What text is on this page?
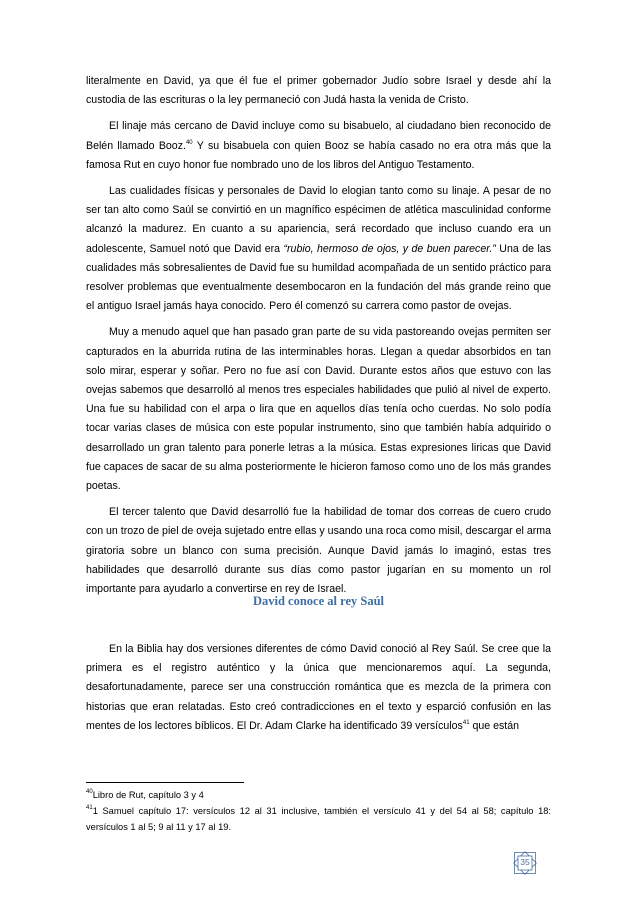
literalmente en David, ya que él fue el primer gobernador Judío sobre Israel y desde ahí la custodia de las escrituras o la ley permaneció con Judá hasta la venida de Cristo.

El linaje más cercano de David incluye como su bisabuelo, al ciudadano bien reconocido de Belén llamado Booz.$^{40}$ Y su bisabuela con quien Booz se había casado no era otra más que la famosa Rut en cuyo honor fue nombrado uno de los libros del Antiguo Testamento.

Las cualidades físicas y personales de David lo elogian tanto como su linaje. A pesar de no ser tan alto como Saúl se convirtió en un magnífico espécimen de atlética masculinidad conforme alcanzó la madurez. En cuanto a su apariencia, será recordado que incluso cuando era un adolescente, Samuel notó que David era “rubio, hermoso de ojos, y de buen parecer.” Una de las cualidades más sobresalientes de David fue su humildad acompañada de un sentido práctico para resolver problemas que eventualmente desembocaron en la fundación del más grande reino que el antiguo Israel jamás haya conocido. Pero él comenzó su carrera como pastor de ovejas.

Muy a menudo aquel que han pasado gran parte de su vida pastoreando ovejas permiten ser capturados en la aburrida rutina de las interminables horas. Llegan a quedar absorbidos en tan solo mirar, esperar y soñar. Pero no fue así con David. Durante estos años que estuvo con las ovejas sabemos que desarrolló al menos tres especiales habilidades que pulió al nivel de experto. Una fue su habilidad con el arpa o lira que en aquellos días tenía ocho cuerdas. No solo podía tocar varias clases de música con este popular instrumento, sino que también había adquirido o desarrollado un gran talento para ponerle letras a la música. Estas expresiones liricas que David fue capaces de sacar de su alma posteriormente le hicieron famoso como uno de los más grandes poetas.

El tercer talento que David desarrolló fue la habilidad de tomar dos correas de cuero crudo con un trozo de piel de oveja sujetado entre ellas y usando una roca como misil, descargar el arma giratoria sobre un blanco con suma precisión. Aunque David jamás lo imaginó, estas tres habilidades que desarrolló durante sus días como pastor jugarían en su momento un rol importante para ayudarlo a convertirse en rey de Israel.

David conoce al rey Saúl

En la Biblia hay dos versiones diferentes de cómo David conoció al Rey Saúl. Se cree que la primera es el registro auténtico y la única que mencionaremos aquí. La segunda, desafortunadamente, parece ser una construcción romántica que es mezcla de la primera con historias que eran relatadas. Esto creó contradicciones en el texto y esparció confusión en las mentes de los lectores bíblicos. El Dr. Adam Clarke ha identificado 39 versículos$^{41}$ que están

$^{40}$Libro de Rut, capítulo 3 y 4

$^{41}$1 Samuel capítulo 17: versículos 12 al 31 inclusive, también el versículo 41 y del 54 al 58; capítulo 18: versículos 1 al 5; 9 al 11 y 17 al 19.

35
